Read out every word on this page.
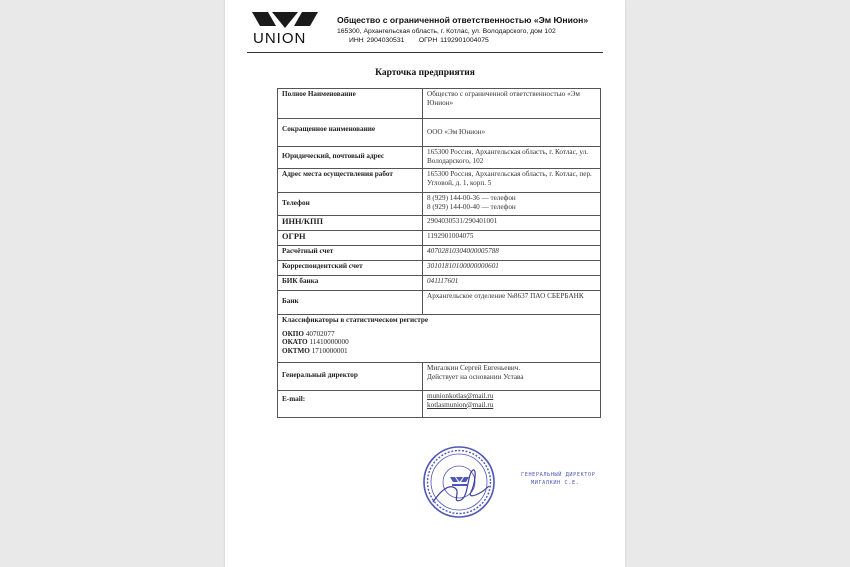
UNION
Общество с ограниченной ответственностью «Эм Юнион»
165300, Архангельская область, г. Котлас, ул. Володарского, дом 102
ИНН 2904030531 ОГРН 1192901004075
Карточка предприятия
Полное Наименование	Общество с ограниченной ответственностью «Эм Юнион»
Сокращенное наименование	ООО «Эм Юнион»
Юридический, почтовый адрес	165300 Россия, Архангельская область, г. Котлас, ул. Володарского, 102
Адрес места осуществления работ	165300 Россия, Архангельская область, г. Котлас, пер. Угловой, д. 1, корп. 5
Телефон	8 (929) 144-00-36 — телефон
8 (929) 144-00-40 — телефон

ИНН/КПП	2904030531/290401001
ОГРН	1192901004075
Расчётный счет	40702810304000005788
Корреспондентский счет	30101810100000000601
БИК банка	041117601
Банк	Архангельское отделение №8637 ПАО СБЕРБАНК

Классификаторы в статистическом регистре
ОКПО 40702077
ОКАТО 11410000000
ОКТМО 1710000001	

Генеральный директор	Мигалкин Сергей Евгеньевич.
Действует на основании Устава

E-mail:	munionkotlas@mail.ru
kotlasmunion@mail.ru
ГЕНЕРАЛЬНЫЙ ДИРЕКТОР
МИГАЛКИН С.Е.
